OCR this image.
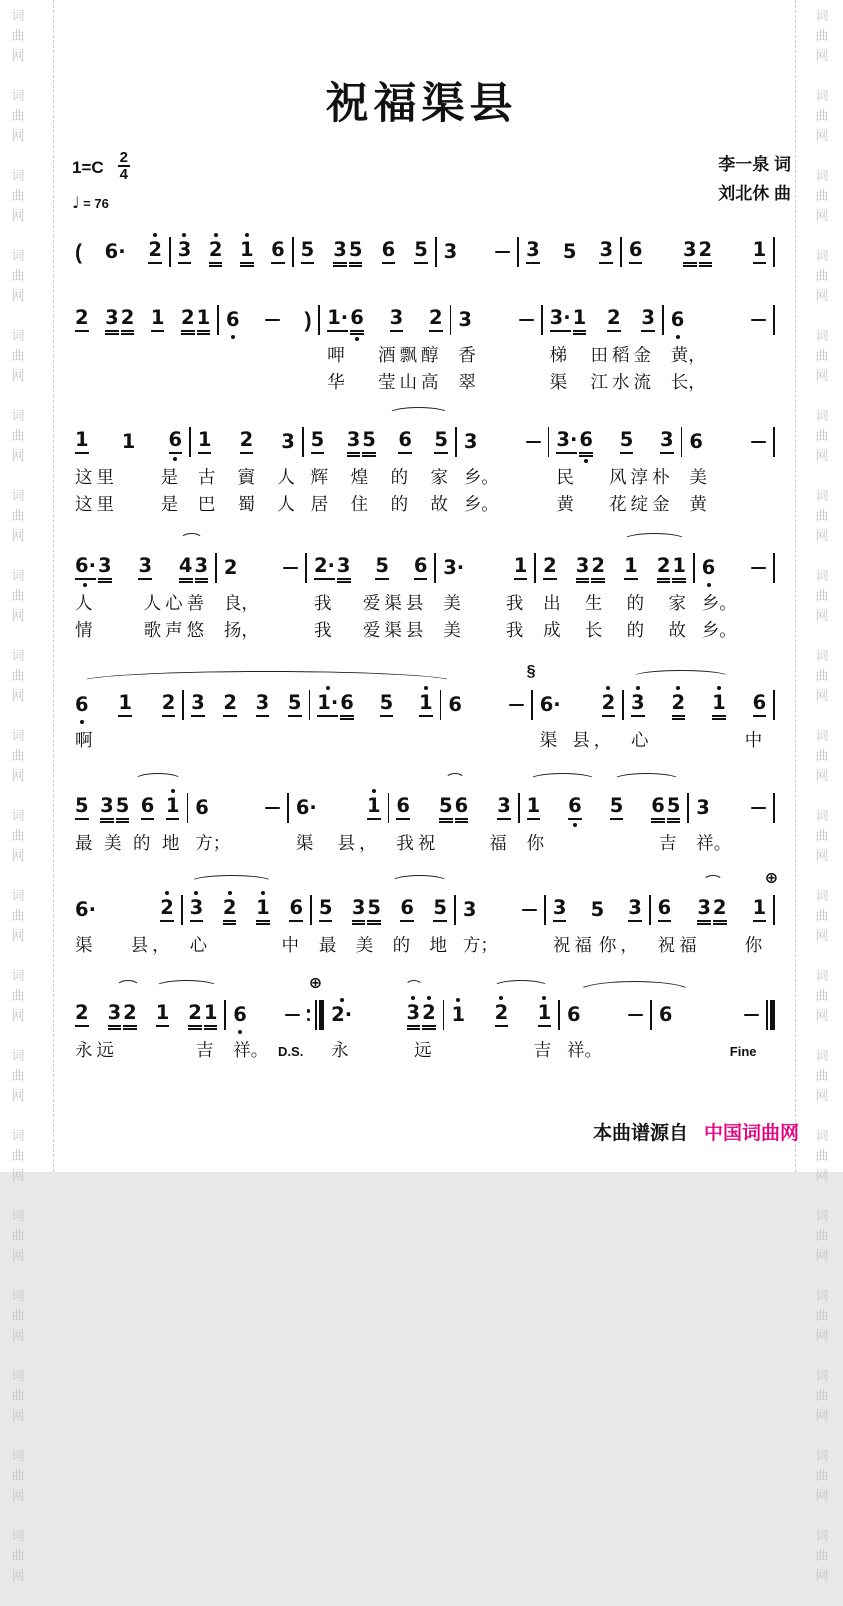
词
曲
网
词
曲
网
词
曲
网
词
曲
网
词
曲
网
词
曲
网
词
曲
网
词
曲
网
词
曲
网
词
曲
网
词
曲
网
词
曲
网
词
曲
网
词
曲
网
词
曲
网
词
曲
网
词
曲
网
词
曲
网
词
曲
网
词
曲
网
词
曲
网
词
曲
网
词
曲
网
词
曲
网
词
曲
网
词
曲
网
词
曲
网
词
曲
网
词
曲
网
词
曲
网
词
曲
网
词
曲
网
词
曲
网
词
曲
网
词
曲
网
词
曲
网
词
曲
网
词
曲
网
词
曲
网
词
曲
网
祝福渠县
$1=C \frac{2}{4}$
♩ = 76
李一泉 词
刘北休 曲
( 6· 2 3 2 1 6 5 3 5 6 5 3	3 5 3 6 3 2 1
2 3 2 1 2 1 6	) 1· 6 3 2
呷 酒飘醇
华 莹山高
3
香
翠
3· 1 2 3
梯 田稻金
渠 江水流
6
黄，
长，
1 1 6
这里 是
这里 是
1 2 3
古 賨 人
巴 蜀 人
5 3 5 6 5
辉 煌 的 家
居 住 的 故
3
乡。
乡。
3· 6 5 3
民 风淳朴
黄 花绽金
6
美
黄
6· 3 3 4 3
人	人心善
情	歌声悠
2
良，
扬，
2· 3 5 6
我 爱渠县
我 爱渠县
3·	1
美 我
美 我
2 3 2 1 2 1
出 生 的 家
成 长 的 故
6
乡。
乡。
§
6 1 2
啊
3 2 3 5 1· 6 5 1 6	6· 2
渠 县，
3 2 1 6
心	中
5 3 5 6 1
最 美 的 地
6
方；
6·	1
渠 县，
6 5 6 3
我祝	福
1 6 5 6 5
你	吉
3
祥。
⊕
6·	2
渠 县，
3 2 1 6
心	中
5 3 5 6 5
最 美 的 地
3
方；
3 5 3
祝福 你，
6 3 2 1
祝福	你
⊕
D.S.	Fine
2 3 2 1 2 1
永远	吉
6
祥。
2·	3 2
永	远
1 2 1

吉
6
祥。
6
本曲谱源自 中国词曲网
